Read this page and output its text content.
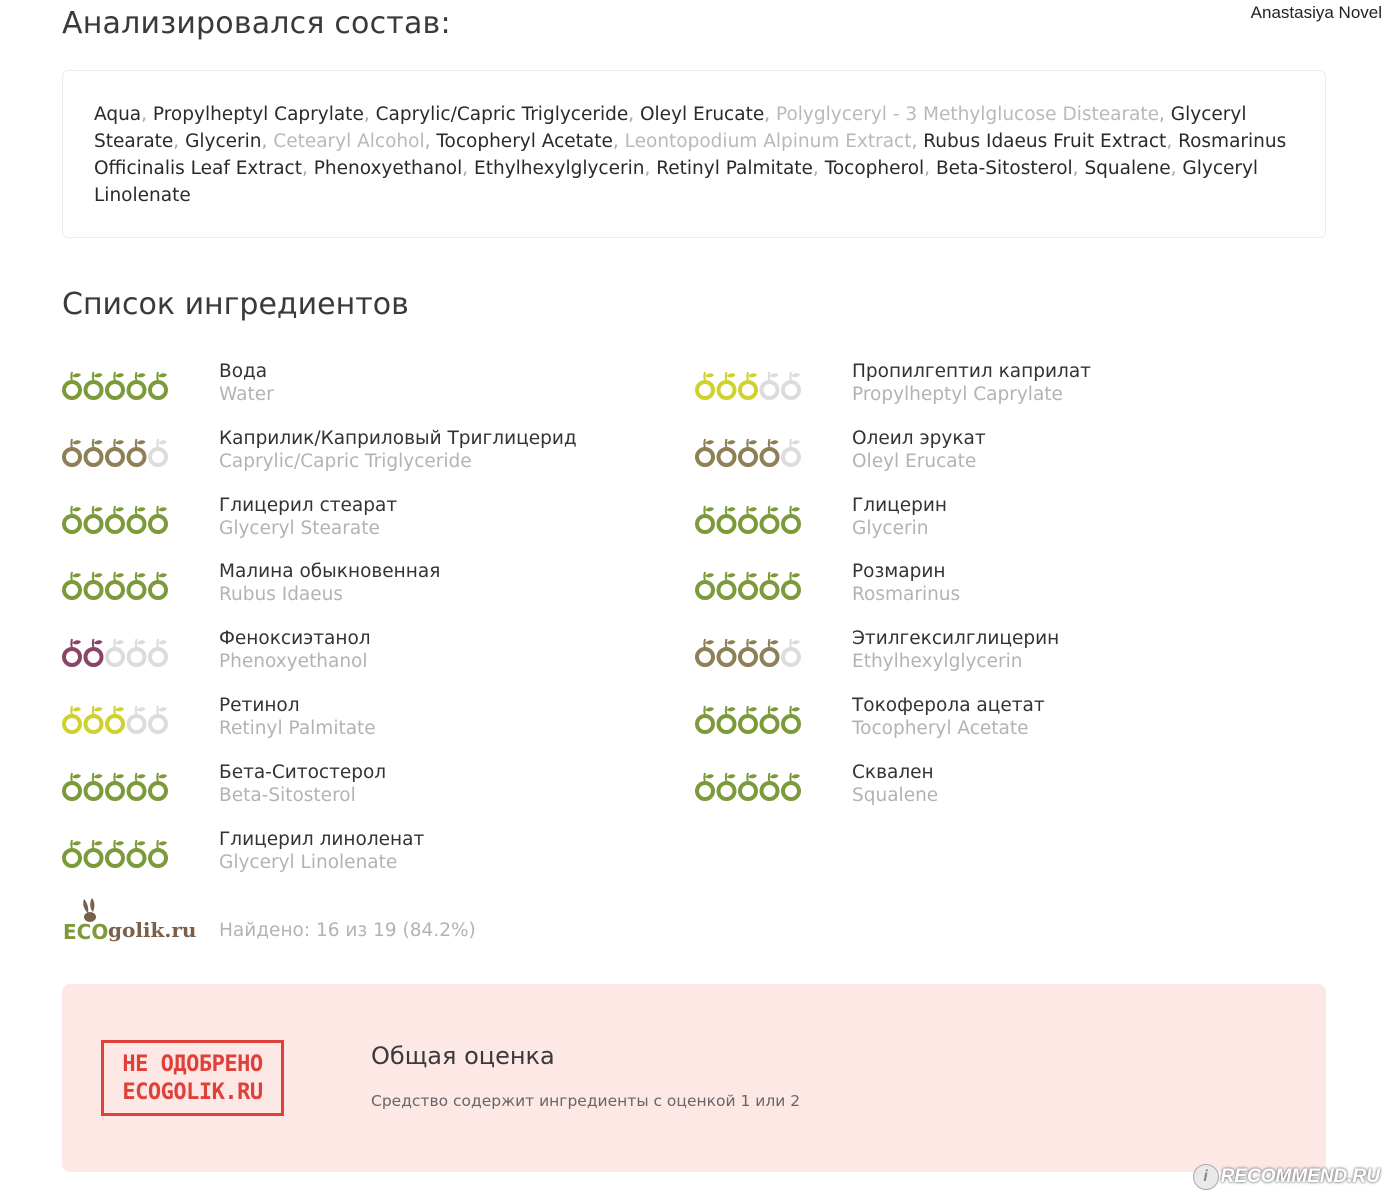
Anastasiya Novel
Анализировался состав:
Aqua, Propylheptyl Caprylate, Caprylic/Capric Triglyceride, Oleyl Erucate, Polyglyceryl - 3 Methylglucose Distearate, Glyceryl Stearate, Glycerin, Cetearyl Alcohol, Tocopheryl Acetate, Leontopodium Alpinum Extract, Rubus Idaeus Fruit Extract, Rosmarinus Officinalis Leaf Extract, Phenoxyethanol, Ethylhexylglycerin, Retinyl Palmitate, Tocopherol, Beta-Sitosterol, Squalene, Glyceryl Linolenate
Список ингредиентов
Вода
Water
Пропилгептил каприлат
Propylheptyl Caprylate
Каприлик/Каприловый Триглицерид
Caprylic/Capric Triglyceride
Олеил эрукат
Oleyl Erucate
Глицерил стеарат
Glyceryl Stearate
Глицерин
Glycerin
Малина обыкновенная
Rubus Idaeus
Розмарин
Rosmarinus
Феноксиэтанол
Phenoxyethanol
Этилгексилглицерин
Ethylhexylglycerin
Ретинол
Retinyl Palmitate
Токоферола ацетат
Tocopheryl Acetate
Бета-Ситостерол
Beta-Sitosterol
Сквален
Squalene
Глицерил линоленат
Glyceryl Linolenate
ECO golik.ru Найдено: 16 из 19 (84.2%)
НЕ ОДОБРЕНО
ECOGOLIK.RU
Общая оценка
Средство содержит ингредиенты с оценкой 1 или 2
i RECOMMEND.RU
